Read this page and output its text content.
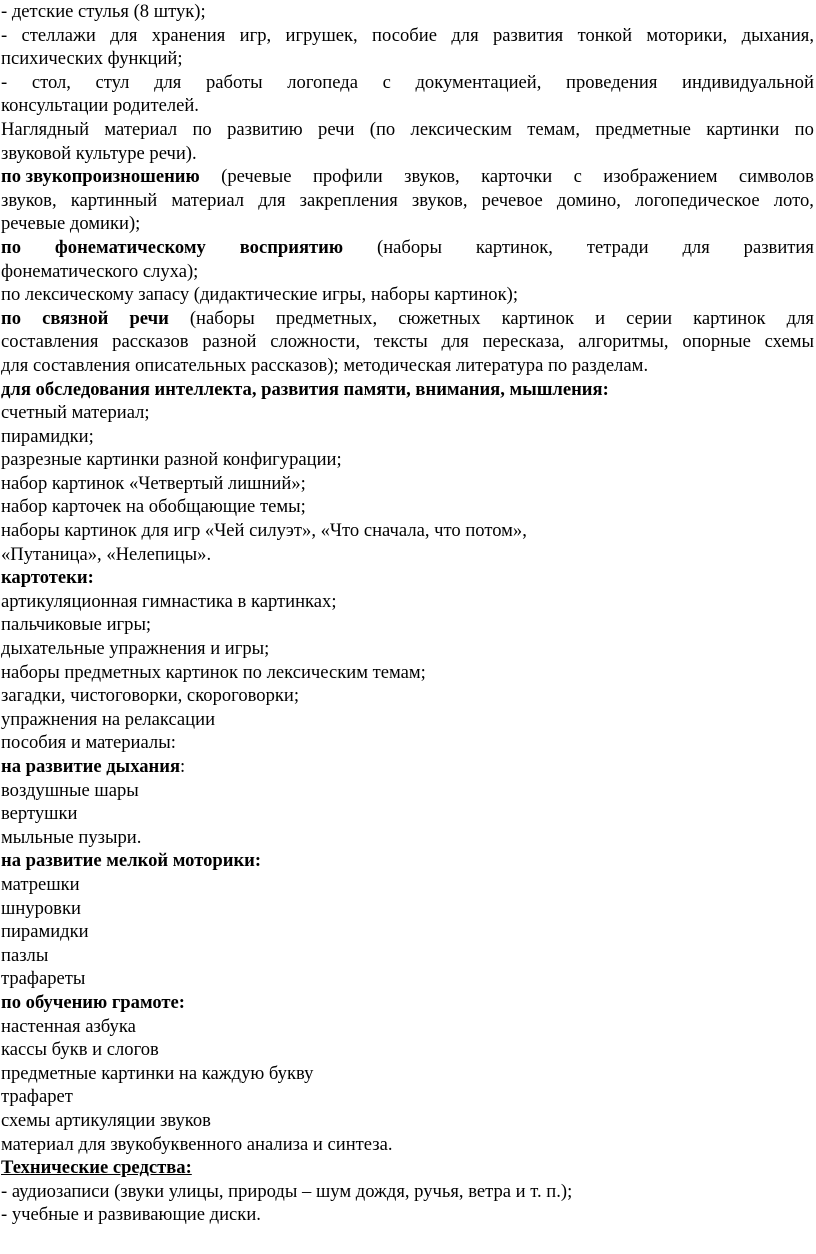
- детские стулья (8 штук);
- стеллажи для хранения игр, игрушек, пособие для развития тонкой моторики, дыхания,
психических функций;
- стол, стул для работы логопеда с документацией, проведения индивидуальной
консультации родителей.
Наглядный материал по развитию речи (по лексическим темам, предметные картинки по
звуковой культуре речи).
по звукопроизношению (речевые профили звуков, карточки с изображением символов
звуков, картинный материал для закрепления звуков, речевое домино, логопедическое лото,
речевые домики);
по фонематическому восприятию (наборы картинок, тетради для развития
фонематического слуха);
по лексическому запасу (дидактические игры, наборы картинок);
по связной речи (наборы предметных, сюжетных картинок и серии картинок для
составления рассказов разной сложности, тексты для пересказа, алгоритмы, опорные схемы
для составления описательных рассказов); методическая литература по разделам.
для обследования интеллекта, развития памяти, внимания, мышления:
счетный материал;
пирамидки;
разрезные картинки разной конфигурации;
набор картинок «Четвертый лишний»;
набор карточек на обобщающие темы;
наборы картинок для игр «Чей силуэт», «Что сначала, что потом»,
«Путаница», «Нелепицы».
картотеки:
артикуляционная гимнастика в картинках;
пальчиковые игры;
дыхательные упражнения и игры;
наборы предметных картинок по лексическим темам;
загадки, чистоговорки, скороговорки;
упражнения на релаксации
пособия и материалы:
на развитие дыхания:
воздушные шары
вертушки
мыльные пузыри.
на развитие мелкой моторики:
матрешки
шнуровки
пирамидки
пазлы
трафареты
по обучению грамоте:
настенная азбука
кассы букв и слогов
предметные картинки на каждую букву
трафарет
схемы артикуляции звуков
материал для звукобуквенного анализа и синтеза.
Технические средства:
- аудиозаписи (звуки улицы, природы – шум дождя, ручья, ветра и т. п.);
- учебные и развивающие диски.
